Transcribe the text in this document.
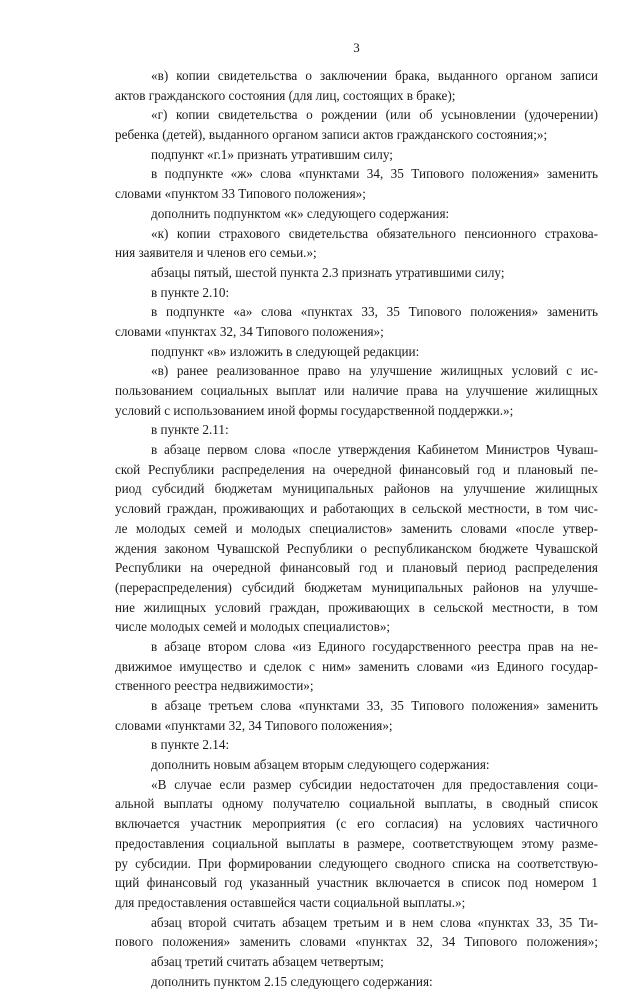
3
«в) копии свидетельства о заключении брака, выданного органом записи
актов гражданского состояния (для лиц, состоящих в браке);
«г) копии свидетельства о рождении (или об усыновлении (удочерении)
ребенка (детей), выданного органом записи актов гражданского состояния;»;
подпункт «г.1» признать утратившим силу;
в подпункте «ж» слова «пунктами 34, 35 Типового положения» заменить
словами «пунктом 33 Типового положения»;
дополнить подпунктом «к» следующего содержания:
«к) копии страхового свидетельства обязательного пенсионного страхова-
ния заявителя и членов его семьи.»;
абзацы пятый, шестой пункта 2.3 признать утратившими силу;
в пункте 2.10:
в подпункте «а» слова «пунктах 33, 35 Типового положения» заменить
словами «пунктах 32, 34 Типового положения»;
подпункт «в» изложить в следующей редакции:
«в) ранее реализованное право на улучшение жилищных условий с ис-
пользованием социальных выплат или наличие права на улучшение жилищных
условий с использованием иной формы государственной поддержки.»;
в пункте 2.11:
в абзаце первом слова «после утверждения Кабинетом Министров Чуваш-
ской Республики распределения на очередной финансовый год и плановый пе-
риод субсидий бюджетам муниципальных районов на улучшение жилищных
условий граждан, проживающих и работающих в сельской местности, в том чис-
ле молодых семей и молодых специалистов» заменить словами «после утвер-
ждения законом Чувашской Республики о республиканском бюджете Чувашской
Республики на очередной финансовый год и плановый период распределения
(перераспределения) субсидий бюджетам муниципальных районов на улучше-
ние жилищных условий граждан, проживающих в сельской местности, в том
числе молодых семей и молодых специалистов»;
в абзаце втором слова «из Единого государственного реестра прав на не-
движимое имущество и сделок с ним» заменить словами «из Единого государ-
ственного реестра недвижимости»;
в абзаце третьем слова «пунктами 33, 35 Типового положения» заменить
словами «пунктами 32, 34 Типового положения»;
в пункте 2.14:
дополнить новым абзацем вторым следующего содержания:
«В случае если размер субсидии недостаточен для предоставления соци-
альной выплаты одному получателю социальной выплаты, в сводный список
включается участник мероприятия (с его согласия) на условиях частичного
предоставления социальной выплаты в размере, соответствующем этому разме-
ру субсидии. При формировании следующего сводного списка на соответствую-
щий финансовый год указанный участник включается в список под номером 1
для предоставления оставшейся части социальной выплаты.»;
абзац второй считать абзацем третьим и в нем слова «пунктах 33, 35 Ти-
пового положения» заменить словами «пунктах 32, 34 Типового положения»;
абзац третий считать абзацем четвертым;
дополнить пунктом 2.15 следующего содержания:
